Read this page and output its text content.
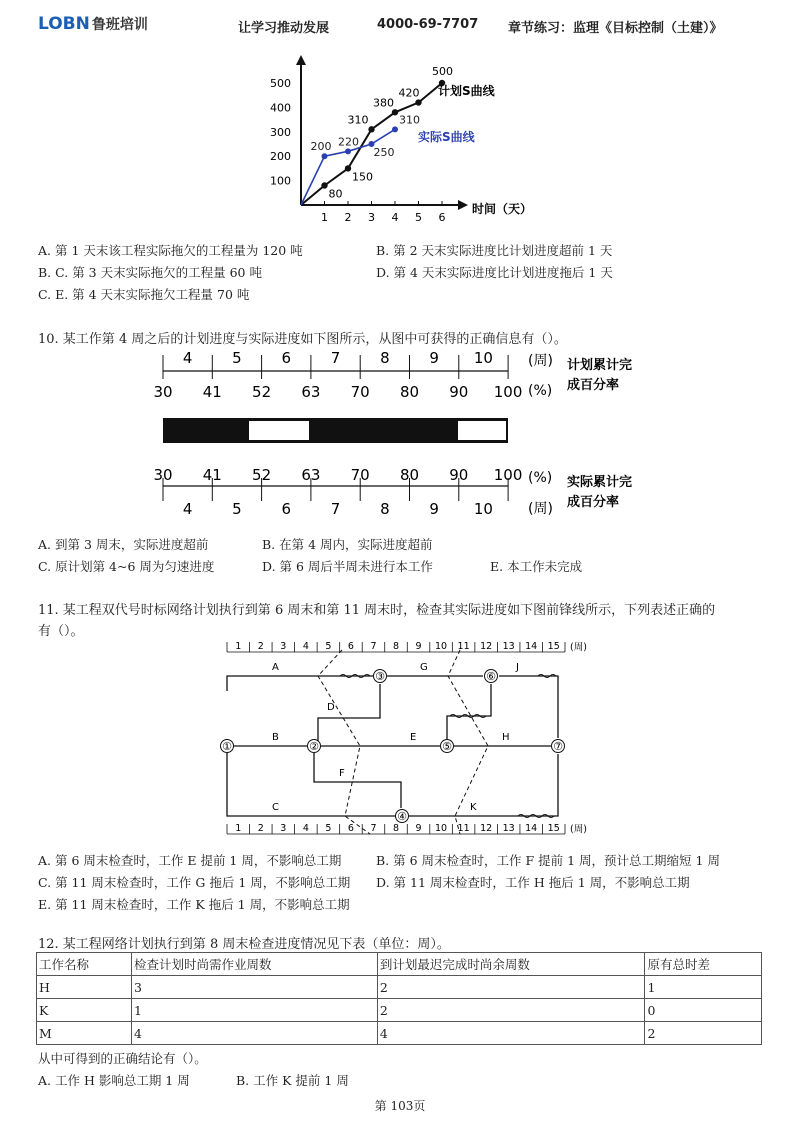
LOBN 鲁班培训	让学习推动发展	4000-69-7707 章节练习：监理《目标控制（土建）》
500
400
300
200
100
1 2 3 4 5 6
80
150
310
380
420
500
200 220
250
310
时间（天）
计划S曲线
实际S曲线
A. 第 1 天末该工程实际拖欠的工程量为 120 吨	B. 第 2 天末实际进度比计划进度超前 1 天
B. C. 第 3 天末实际拖欠的工程量 60 吨	D. 第 4 天末实际进度比计划进度拖后 1 天
C. E. 第 4 天末实际拖欠工程量 70 吨
10. 某工作第 4 周之后的计划进度与实际进度如下图所示，从图中可获得的正确信息有（）。
4	5	6	7	8	9 10
30 41 52 63 70 80 90 100
30 41 52 63 70 80 90 100
4	5	6	7	8	9 10
(周)
(%)
计划累计完
成百分率
(%)
(周)
实际累计完
成百分率
A. 到第 3 周末，实际进度超前	B. 在第 4 周内，实际进度超前
C. 原计划第 4~6 周为匀速进度	D. 第 6 周后半周未进行本工作	E. 本工作未完成
11. 某工程双代号时标网络计划执行到第 6 周末和第 11 周末时，检查其实际进度如下图前锋线所示，下列表述正确的
有（）。
1 2 3 4 5 6 7 8 9 10 11 12 13 14 15 (周)
1 2 3 4 5 6 7 8 9 10 11 12 13 14 15 (周)
①	②
③
④
⑤
⑥
⑦
A
B
C
D
E
F
G
H
J
K
A. 第 6 周末检查时，工作 E 提前 1 周，不影响总工期	B. 第 6 周末检查时，工作 F 提前 1 周，预计总工期缩短 1 周
C. 第 11 周末检查时，工作 G 拖后 1 周，不影响总工期 D. 第 11 周末检查时，工作 H 拖后 1 周，不影响总工期
E. 第 11 周末检查时，工作 K 拖后 1 周，不影响总工期
12. 某工程网络计划执行到第 8 周末检查进度情况见下表（单位：周）。
工作名称	检查计划时尚需作业周数	到计划最迟完成时尚余周数	原有总时差
H	3	2	1
K	1	2	0
M	4	4	2
从中可得到的正确结论有（）。
A. 工作 H 影响总工期 1 周	B. 工作 K 提前 1 周
第 103页
